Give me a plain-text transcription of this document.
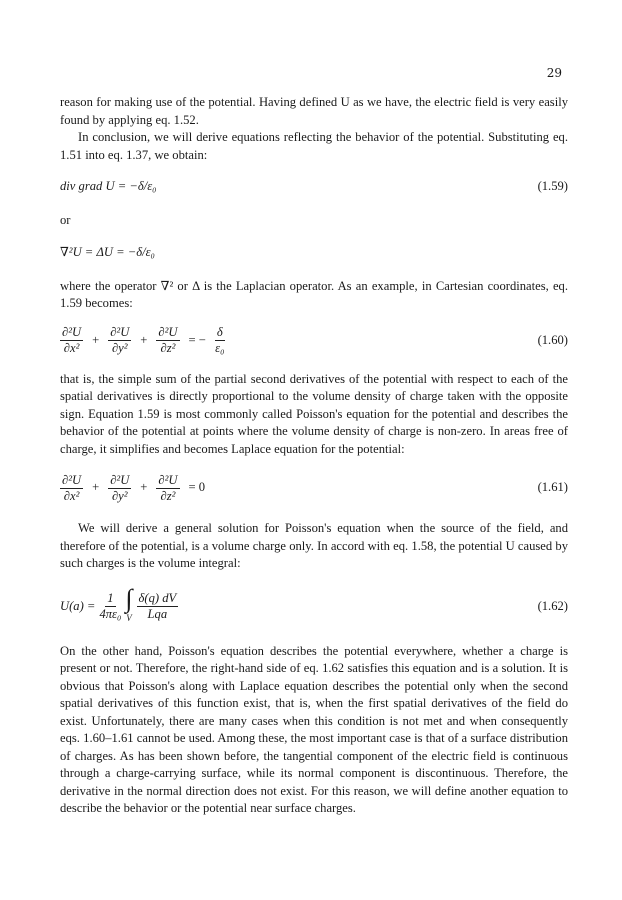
29

reason for making use of the potential. Having defined U as we have, the electric field is very easily found by applying eq. 1.52.

In conclusion, we will derive equations reflecting the behavior of the potential. Substituting eq. 1.51 into eq. 1.37, we obtain:

div grad U = −δ/ε₀	(1.59)

or

∇²U = ΔU = −δ/ε₀

where the operator ∇² or Δ is the Laplacian operator. As an example, in Cartesian coordinates, eq. 1.59 becomes:

$\frac{\text{∂²U}}{\text{∂x²}} + \frac{\text{∂²U}}{\text{∂y²}} + \frac{\text{∂²U}}{\text{∂z²}}$ = − $\frac{\delta}{\text{ε₀}}$	(1.60)

that is, the simple sum of the partial second derivatives of the potential with respect to each of the spatial derivatives is directly proportional to the volume density of charge taken with the opposite sign. Equation 1.59 is most commonly called Poisson's equation for the potential and describes the behavior of the potential at points where the volume density of charge is non-zero. In areas free of charge, it simplifies and becomes Laplace equation for the potential:

$\frac{\text{∂²U}}{\text{∂x²}} + \frac{\text{∂²U}}{\text{∂y²}} + \frac{\text{∂²U}}{\text{∂z²}} = 0$	(1.61)

We will derive a general solution for Poisson's equation when the source of the field, and therefore of the potential, is a volume charge only. In accord with eq. 1.58, the potential U caused by such charges is the volume integral:

$U(a) = \frac{1}{\text{4πε₀}}$ ∫
V $\frac{\delta(q) dV}{\text{Lqa}}$	(1.62)

On the other hand, Poisson's equation describes the potential everywhere, whether a charge is present or not. Therefore, the right-hand side of eq. 1.62 satisfies this equation and is a solution. It is obvious that Poisson's along with Laplace equation describes the potential only when the second spatial derivatives of this function exist, that is, when the first spatial derivatives of the field do exist. Unfortunately, there are many cases when this condition is not met and when consequently eqs. 1.60–1.61 cannot be used. Among these, the most important case is that of a surface distribution of charges. As has been shown before, the tangential component of the electric field is continuous through a charge-carrying surface, while its normal component is discontinuous. Therefore, the derivative in the normal direction does not exist. For this reason, we will define another equation to describe the behavior or the potential near surface charges.
